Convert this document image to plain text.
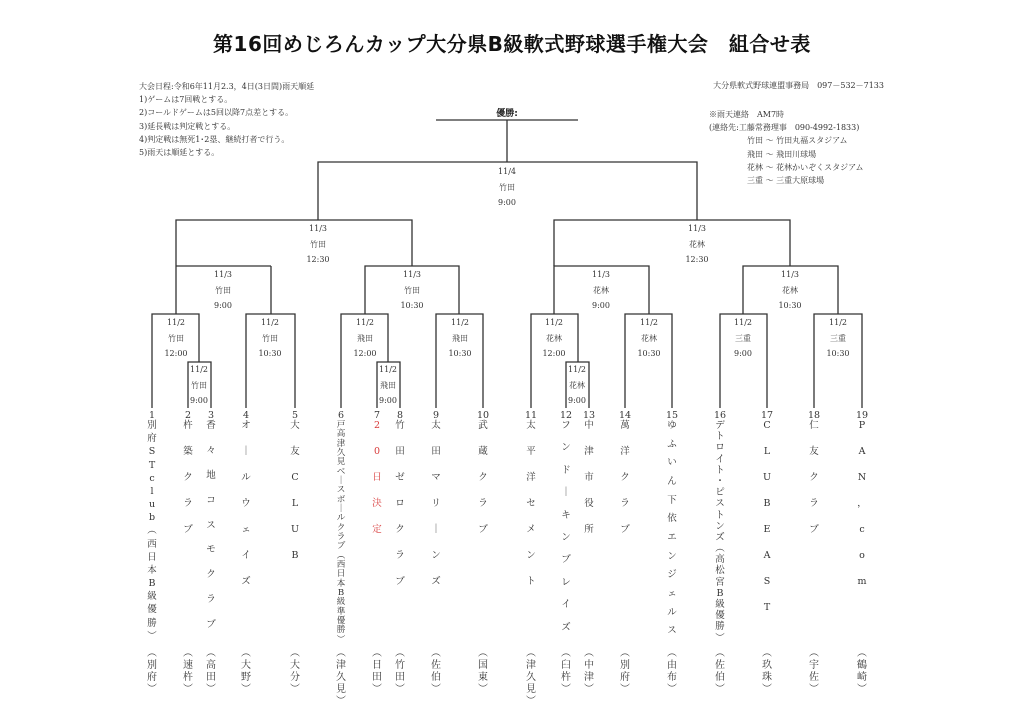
第16回めじろんカップ大分県B級軟式野球選手権大会　組合せ表
大会日程:令和6年11月2.3，4日(3日間)雨天順延
1)ゲームは7回戦とする。
2)コールドゲームは5回以降7点差とする。
3)延長戦は判定戦とする。
4)判定戦は無死1･2塁、継続打者で行う。
5)雨天は順延とする。
大分県軟式野球連盟事務局　097－532－7133
※雨天連絡　AM7時
(連絡先:工藤常務理事　090-4992-1833)
竹田 ～ 竹田丸福スタジアム
飛田 ～ 飛田川球場
花林 ～ 花林かいぞくスタジアム
三重 ～ 三重大原球場
優勝:
11/4
竹田
9:00
11/3
竹田
12:30
11/3
花林
12:30
11/3
竹田
9:00
11/3
竹田
10:30
11/3
花林
9:00
11/3
花林
10:30
11/2
竹田
12:00
11/2
竹田
10:30
11/2
飛田
12:00
11/2
飛田
10:30
11/2
花林
12:00
11/2
花林
10:30
11/2
三重
9:00
11/2
三重
10:30
11/2
竹田
9:00
11/2
飛田
9:00
11/2
花林
9:00
1
別
府
S
T
c
l
u
b
︵
西
日
本
B
級
優
勝
︶
︵
別
府
︶
2
杵
築
ク
ラ
ブ
︵
速
杵
︶
3
香
々
地
コ
ス
モ
ク
ラ
ブ
︵
高
田
︶
4
オ
｜
ル
ウ
ェ
イ
ズ
︵
大
野
︶
5
大
友
C
L
U
B
︵
大
分
︶
6
戸
高
津
久
見
ベ
｜
ス
ボ
｜
ル
ク
ラ
ブ
︵
西
日
本
B
級
準
優
勝
︶
︵
津
久
見
︶
7
2
0
日
決
定
︵
日
田
︶
8
竹
田
ゼ
ロ
ク
ラ
ブ
︵
竹
田
︶
9
太
田
マ
リ
｜
ン
ズ
︵
佐
伯
︶
10
武
蔵
ク
ラ
ブ
︵
国
東
︶
11
太
平
洋
セ
メ
ン
ト
︵
津
久
見
︶
12
フ
ン
ド
｜
キ
ン
ブ
レ
イ
ズ
︵
臼
杵
︶
13
中
津
市
役
所
︵
中
津
︶
14
萬
洋
ク
ラ
ブ
︵
別
府
︶
15
ゆ
ふ
い
ん
下
依
エ
ン
ジ
ェ
ル
ス
︵
由
布
︶
16
デ
ト
ロ
イ
ト
・
ピ
ス
ト
ン
ズ
︵
高
松
宮
B
級
優
勝
︶
︵
佐
伯
︶
17
C
L
U
B
E
A
S
T
︵
玖
珠
︶
18
仁
友
ク
ラ
ブ
︵
宇
佐
︶
19
P
A
N
，
c
o
m
︵
鶴
崎
︶
